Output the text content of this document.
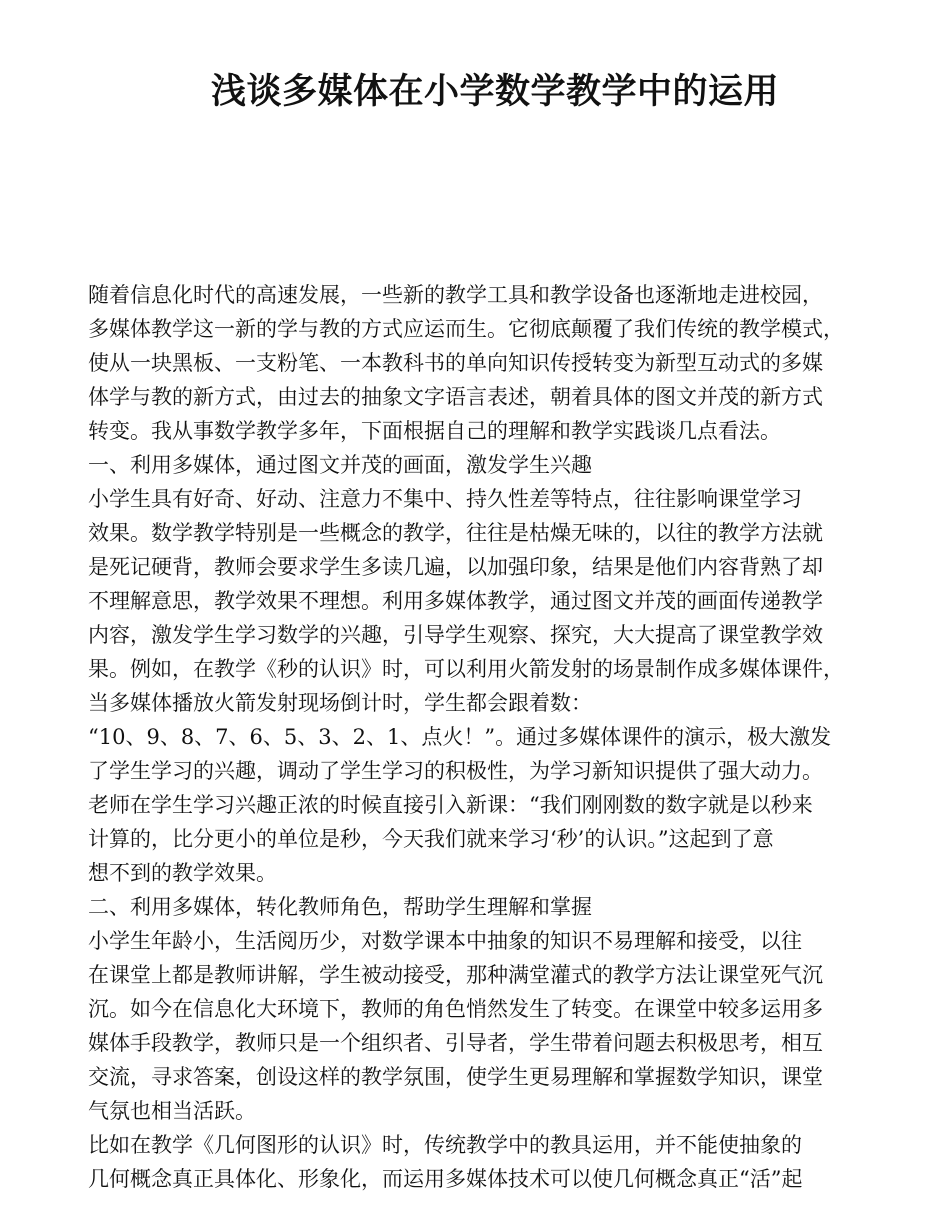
浅谈多媒体在小学数学教学中的运用
随着信息化时代的高速发展，一些新的教学工具和教学设备也逐渐地走进校园，
多媒体教学这一新的学与教的方式应运而生。它彻底颠覆了我们传统的教学模式，
使从一块黑板、一支粉笔、一本教科书的单向知识传授转变为新型互动式的多媒
体学与教的新方式，由过去的抽象文字语言表述，朝着具体的图文并茂的新方式
转变。我从事数学教学多年，下面根据自己的理解和教学实践谈几点看法。
一、利用多媒体，通过图文并茂的画面，激发学生兴趣
小学生具有好奇、好动、注意力不集中、持久性差等特点，往往影响课堂学习
效果。数学教学特别是一些概念的教学，往往是枯燥无味的，以往的教学方法就
是死记硬背，教师会要求学生多读几遍，以加强印象，结果是他们内容背熟了却
不理解意思，教学效果不理想。利用多媒体教学，通过图文并茂的画面传递教学
内容，激发学生学习数学的兴趣，引导学生观察、探究，大大提高了课堂教学效
果。例如，在教学《秒的认识》时，可以利用火箭发射的场景制作成多媒体课件，
当多媒体播放火箭发射现场倒计时，学生都会跟着数：
“10、9、8、7、6、5、3、2、1、点火！”。通过多媒体课件的演示，极大激发
了学生学习的兴趣，调动了学生学习的积极性，为学习新知识提供了强大动力。
老师在学生学习兴趣正浓的时候直接引入新课：“我们刚刚数的数字就是以秒来
计算的，比分更小的单位是秒，今天我们就来学习‘秒’的认识。”这起到了意
想不到的教学效果。
二、利用多媒体，转化教师角色，帮助学生理解和掌握
小学生年龄小，生活阅历少，对数学课本中抽象的知识不易理解和接受，以往
在课堂上都是教师讲解，学生被动接受，那种满堂灌式的教学方法让课堂死气沉
沉。如今在信息化大环境下，教师的角色悄然发生了转变。在课堂中较多运用多
媒体手段教学，教师只是一个组织者、引导者，学生带着问题去积极思考，相互
交流，寻求答案，创设这样的教学氛围，使学生更易理解和掌握数学知识，课堂
气氛也相当活跃。
比如在教学《几何图形的认识》时，传统教学中的教具运用，并不能使抽象的
几何概念真正具体化、形象化，而运用多媒体技术可以使几何概念真正“活”起
